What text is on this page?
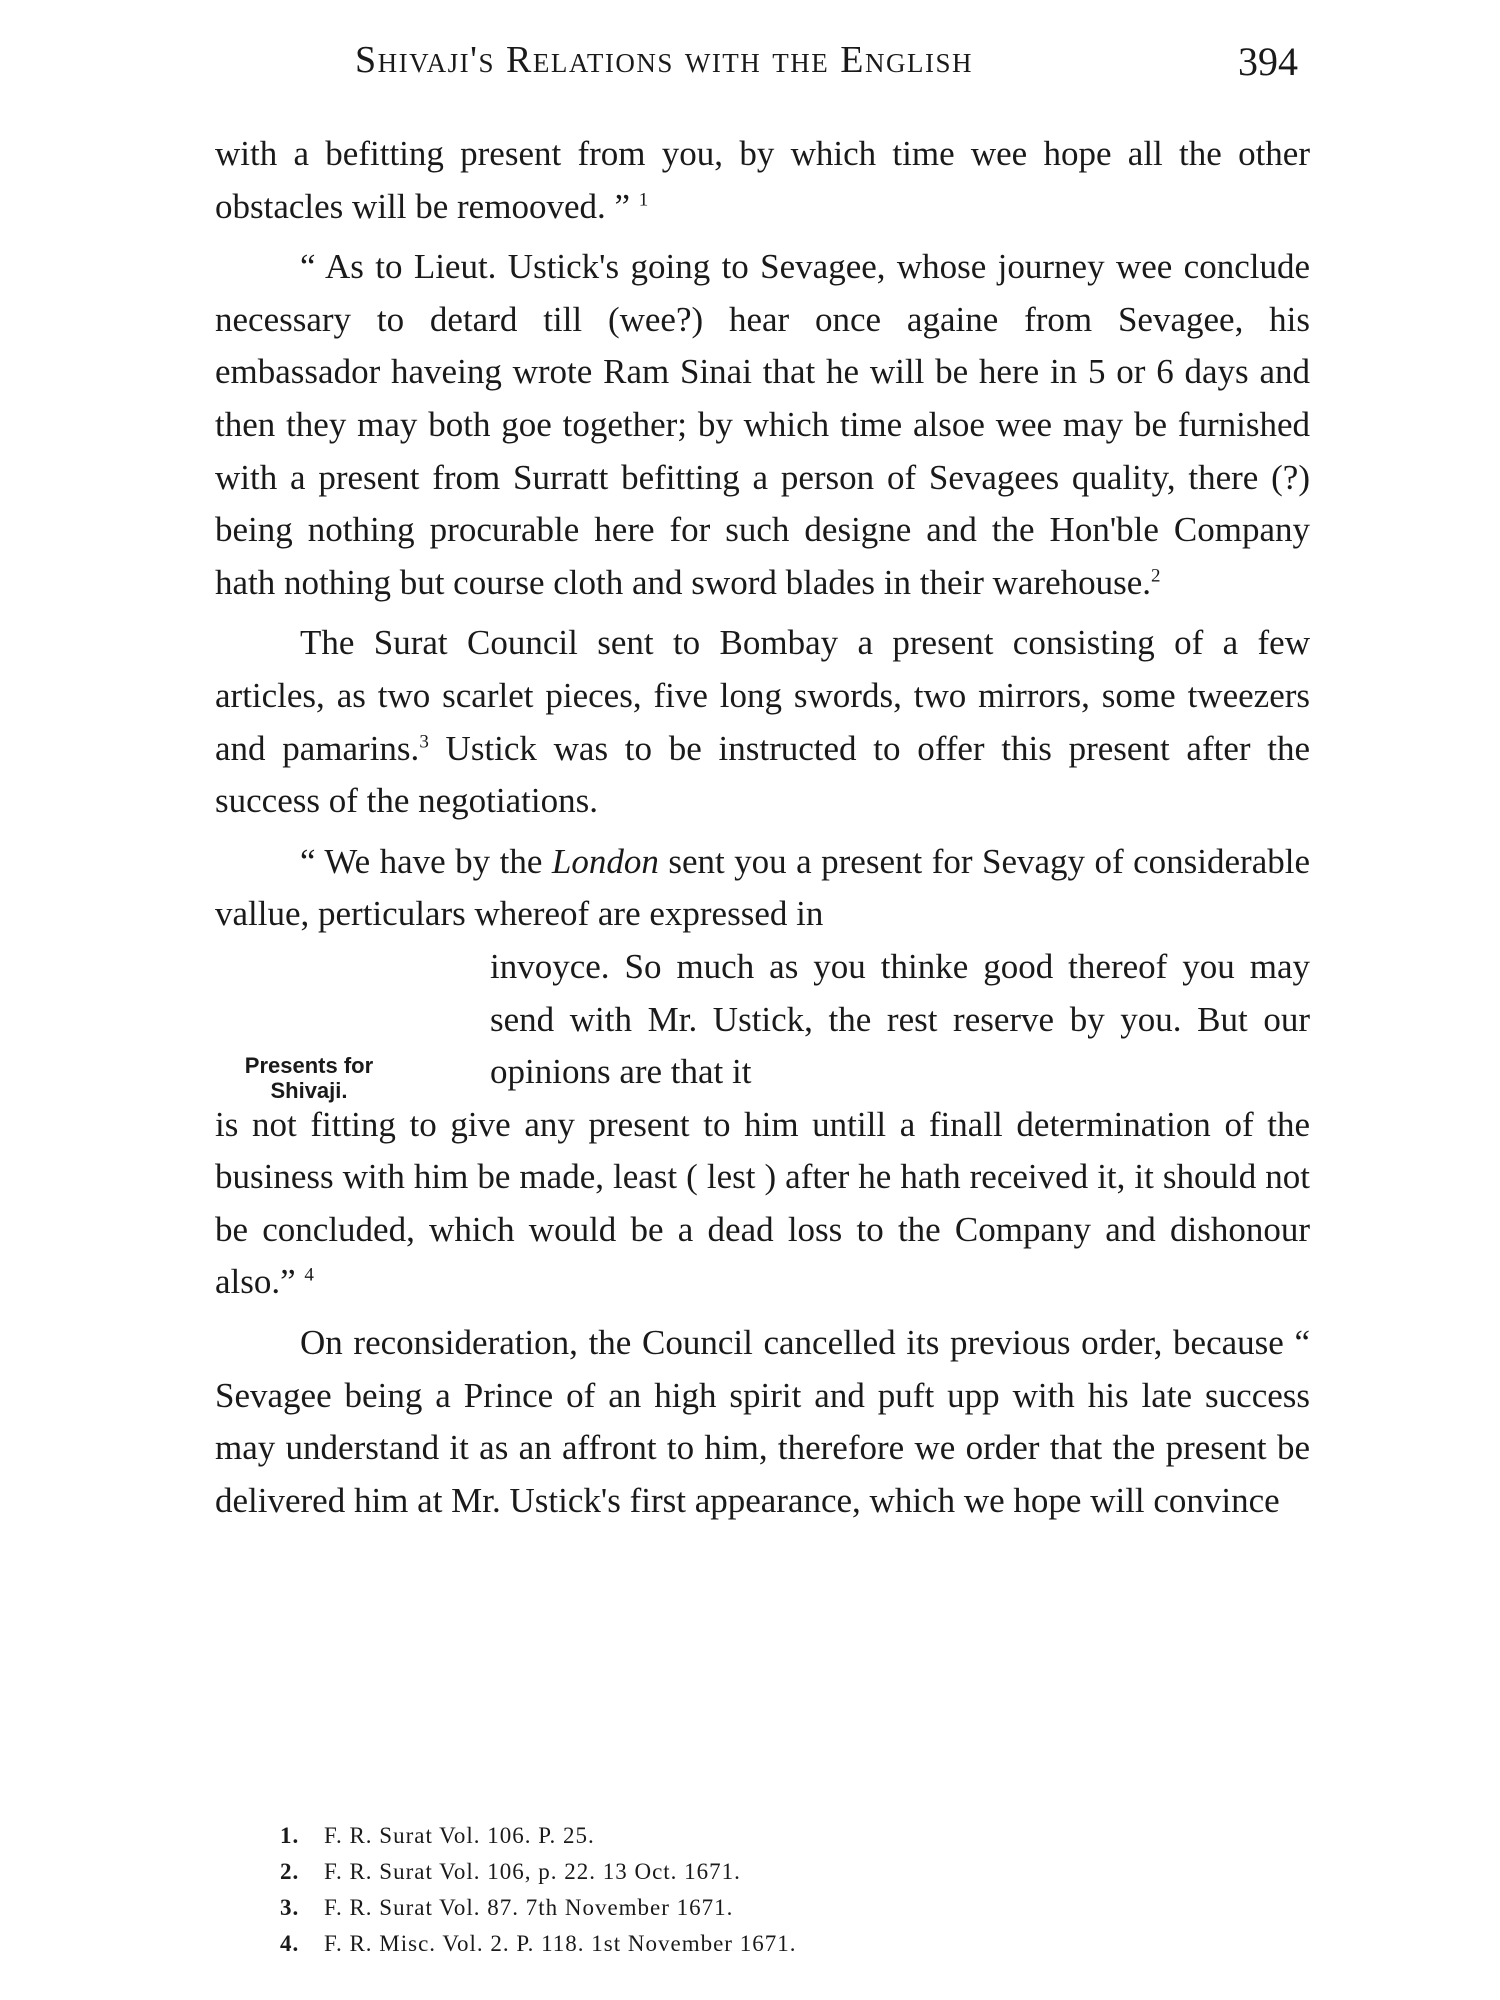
Shivaji's Relations with the English	394

with a befitting present from you, by which time wee hope all the other obstacles will be remooved. ” $^1$

“ As to Lieut. Ustick's going to Sevagee, whose journey wee conclude necessary to detard till (wee?) hear once againe from Sevagee, his embassador haveing wrote Ram Sinai that he will be here in 5 or 6 days and then they may both goe together; by which time alsoe wee may be furnished with a present from Surratt befitting a person of Sevagees quality, there (?) being nothing procurable here for such designe and the Hon'ble Company hath nothing but course cloth and sword blades in their warehouse.$^2$

The Surat Council sent to Bombay a present consisting of a few articles, as two scarlet pieces, five long swords, two mirrors, some tweezers and pamarins.$^3$ Ustick was to be instructed to offer this present after the success of the negotiations.

“ We have by the London sent you a present for Sevagy of considerable vallue, perticulars whereof are expressed in

Presents for
Shivaji.

invoyce. So much as you thinke good thereof you may send with Mr. Ustick, the rest reserve by you. But our opinions are that it

is not fitting to give any present to him untill a finall determination of the business with him be made, least ( lest ) after he hath received it, it should not be concluded, which would be a dead loss to the Company and dishonour also.” $^4$

On reconsideration, the Council cancelled its previous order, because “ Sevagee being a Prince of an high spirit and puft upp with his late success may understand it as an affront to him, therefore we order that the present be delivered him at Mr. Ustick's first appearance, which we hope will convince

1. F. R. Surat Vol. 106. P. 25.
2. F. R. Surat Vol. 106, p. 22. 13 Oct. 1671.
3. F. R. Surat Vol. 87. 7th November 1671.
4. F. R. Misc. Vol. 2. P. 118. 1st November 1671.
